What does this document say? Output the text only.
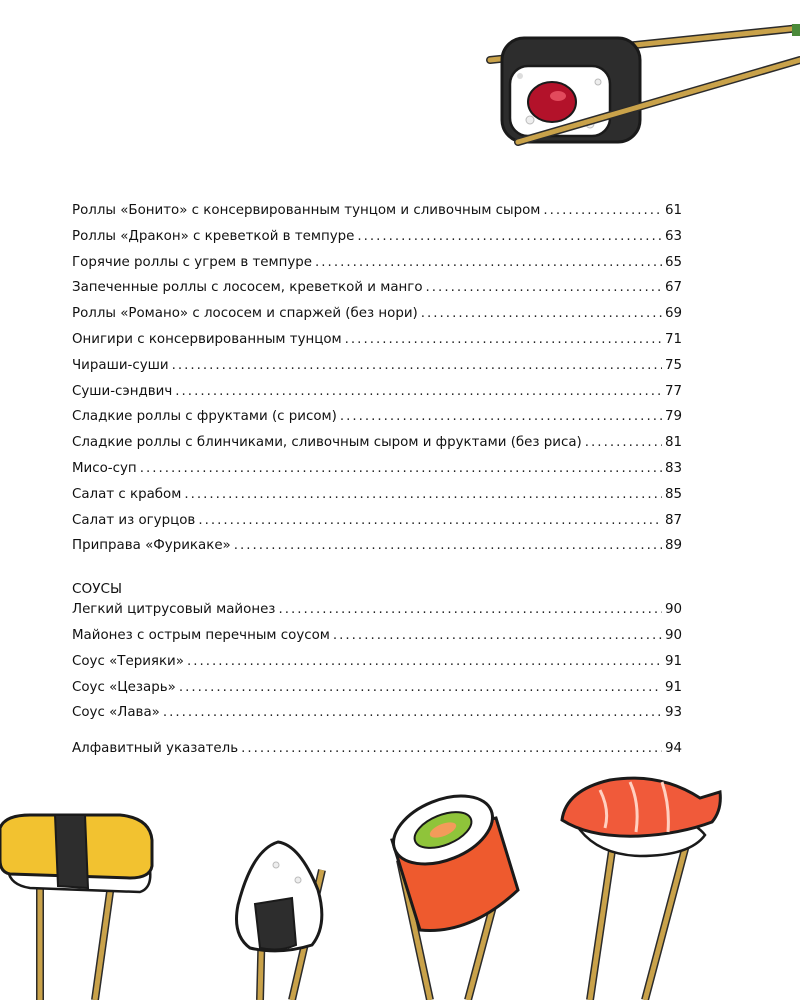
Роллы «Бонито» с консервированным тунцом и сливочным сыром .....	61
Роллы «Дракон» с креветкой в темпуре .....	63
Горячие роллы с угрем в темпуре .....	65
Запеченные роллы с лососем, креветкой и манго .....	67
Роллы «Романо» с лососем и спаржей (без нори) .....	69
Онигири с консервированным тунцом .....	71
Чираши-суши .....	75
Суши-сэндвич .....	77
Сладкие роллы с фруктами (с рисом) .....	79
Сладкие роллы с блинчиками, сливочным сыром и фруктами (без риса) .....	81
Мисо-суп .....	83
Салат с крабом .....	85
Салат из огурцов .....	87
Приправа «Фурикаке» .....	89
СОУСЫ
Легкий цитрусовый майонез .....	90
Майонез с острым перечным соусом .....	90
Соус «Терияки» .....	91
Соус «Цезарь» .....	91
Соус «Лава» .....	93
Алфавитный указатель .....	94
